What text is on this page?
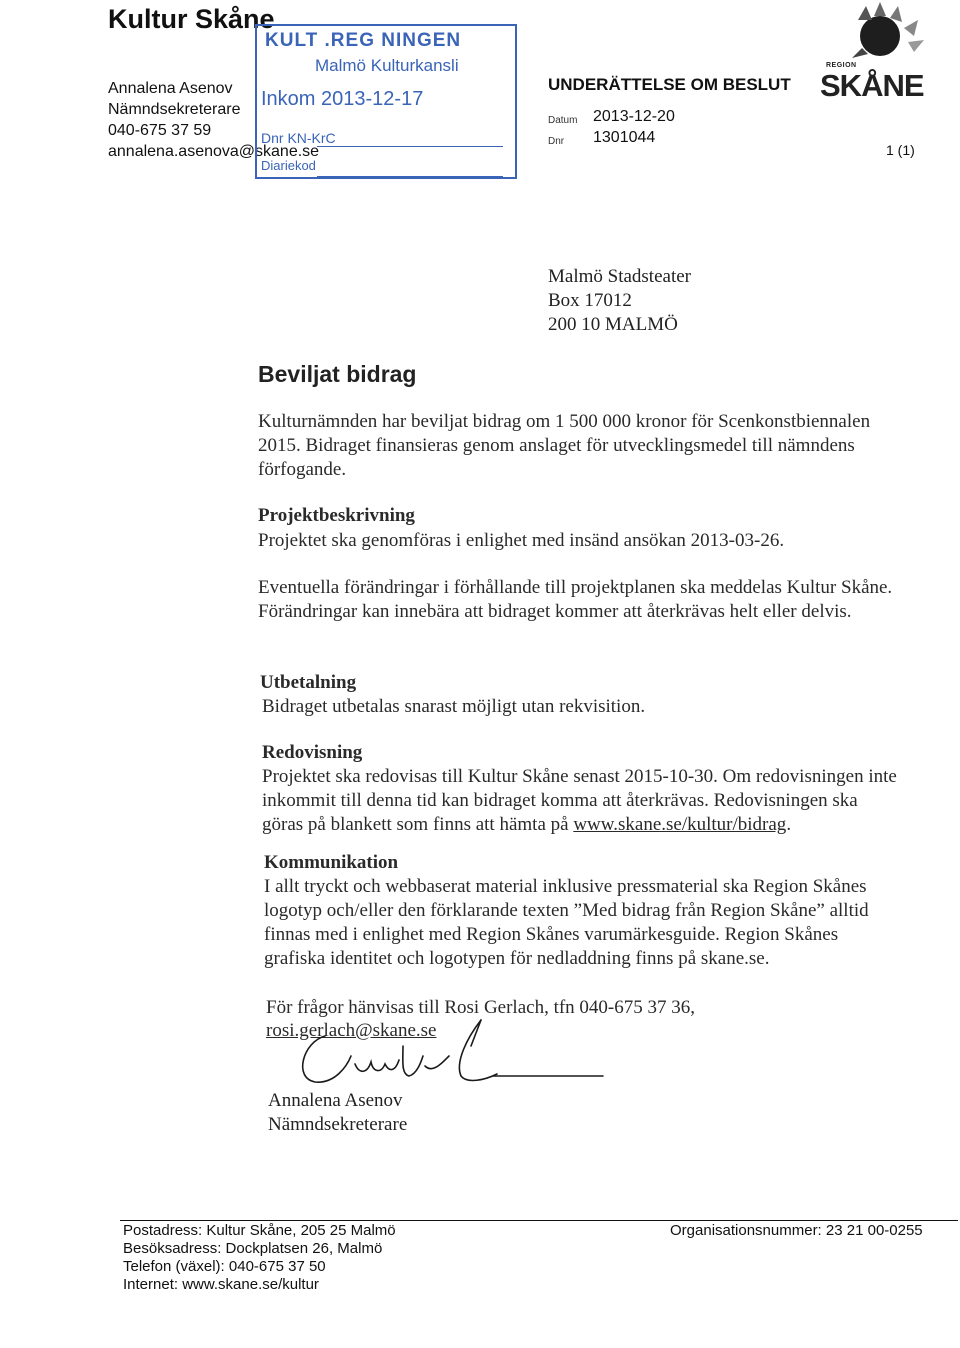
Kultur Skåne
Annalena Asenov
Nämndsekreterare
040-675 37 59
annalena.asenova@skane.se
KULT .REG NINGEN
Malmö Kulturkansli
Inkom 2013-12-17
Dnr KN-KrC
Diariekod
UNDERÄTTELSE OM BESLUT
Datum 2013-12-20
Dnr 1301044
1 (1)
REGION
SKÅNE
Malmö Stadsteater
Box 17012
200 10 MALMÖ
Beviljat bidrag
Kulturnämnden har beviljat bidrag om 1 500 000 kronor för Scenkonstbiennalen 2015. Bidraget finansieras genom anslaget för utvecklingsmedel till nämndens förfogande.
Projektbeskrivning
Projektet ska genomföras i enlighet med insänd ansökan 2013-03-26.
Eventuella förändringar i förhållande till projektplanen ska meddelas Kultur Skåne. Förändringar kan innebära att bidraget kommer att återkrävas helt eller delvis.
Utbetalning
Bidraget utbetalas snarast möjligt utan rekvisition.
Redovisning
Projektet ska redovisas till Kultur Skåne senast 2015-10-30. Om redovisningen inte inkommit till denna tid kan bidraget komma att återkrävas. Redovisningen ska göras på blankett som finns att hämta på www.skane.se/kultur/bidrag.
Kommunikation
I allt tryckt och webbaserat material inklusive pressmaterial ska Region Skånes logotyp och/eller den förklarande texten ”Med bidrag från Region Skåne” alltid finnas med i enlighet med Region Skånes varumärkesguide. Region Skånes grafiska identitet och logotypen för nedladdning finns på skane.se.
För frågor hänvisas till Rosi Gerlach, tfn 040-675 37 36,
rosi.gerlach@skane.se
Annalena Asenov
Nämndsekreterare
Postadress: Kultur Skåne, 205 25 Malmö
Besöksadress: Dockplatsen 26, Malmö
Telefon (växel): 040-675 37 50
Internet: www.skane.se/kultur
Organisationsnummer: 23 21 00-0255
